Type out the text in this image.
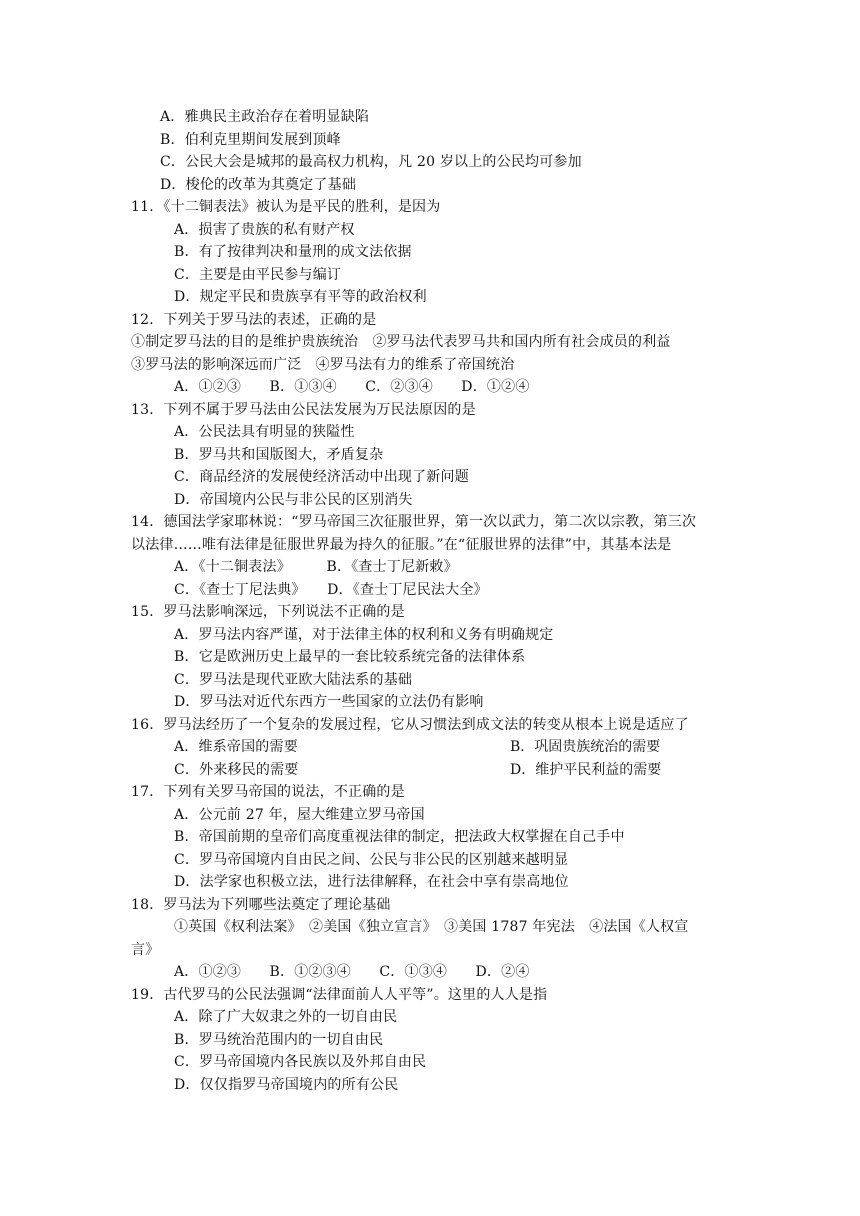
A．雅典民主政治存在着明显缺陷
B．伯利克里期间发展到顶峰
C．公民大会是城邦的最高权力机构，凡 20 岁以上的公民均可参加
D．梭伦的改革为其奠定了基础
11．《十二铜表法》被认为是平民的胜利，是因为
A．损害了贵族的私有财产权
B．有了按律判决和量刑的成文法依据
C．主要是由平民参与编订
D．规定平民和贵族享有平等的政治权利
12．下列关于罗马法的表述，正确的是
①制定罗马法的目的是维护贵族统治　②罗马法代表罗马共和国内所有社会成员的利益
③罗马法的影响深远而广泛　④罗马法有力的维系了帝国统治
A．①②③　　B．①③④　　C．②③④　　D．①②④
13．下列不属于罗马法由公民法发展为万民法原因的是
A．公民法具有明显的狭隘性
B．罗马共和国版图大，矛盾复杂
C．商品经济的发展使经济活动中出现了新问题
D．帝国境内公民与非公民的区别消失
14．德国法学家耶林说：“罗马帝国三次征服世界，第一次以武力，第二次以宗教，第三次
以法律……唯有法律是征服世界最为持久的征服。”在“征服世界的法律”中，其基本法是
A．《十二铜表法》　　　B．《查士丁尼新敕》
C．《查士丁尼法典》　　D．《查士丁尼民法大全》
15．罗马法影响深远，下列说法不正确的是
A．罗马法内容严谨，对于法律主体的权利和义务有明确规定
B．它是欧洲历史上最早的一套比较系统完备的法律体系
C．罗马法是现代亚欧大陆法系的基础
D．罗马法对近代东西方一些国家的立法仍有影响
16．罗马法经历了一个复杂的发展过程，它从习惯法到成文法的转变从根本上说是适应了
A．维系帝国的需要	B．巩固贵族统治的需要
C．外来移民的需要	D．维护平民利益的需要
17．下列有关罗马帝国的说法，不正确的是
A．公元前 27 年，屋大维建立罗马帝国
B．帝国前期的皇帝们高度重视法律的制定，把法政大权掌握在自己手中
C．罗马帝国境内自由民之间、公民与非公民的区别越来越明显
D．法学家也积极立法，进行法律解释，在社会中享有崇高地位
18．罗马法为下列哪些法奠定了理论基础
①英国《权利法案》　②美国《独立宣言》　③美国 1787 年宪法　④法国《人权宣
言》
A．①②③　　B．①②③④　　C．①③④　　D．②④
19．古代罗马的公民法强调“法律面前人人平等”。这里的人人是指
A．除了广大奴隶之外的一切自由民
B．罗马统治范围内的一切自由民
C．罗马帝国境内各民族以及外邦自由民
D．仅仅指罗马帝国境内的所有公民
